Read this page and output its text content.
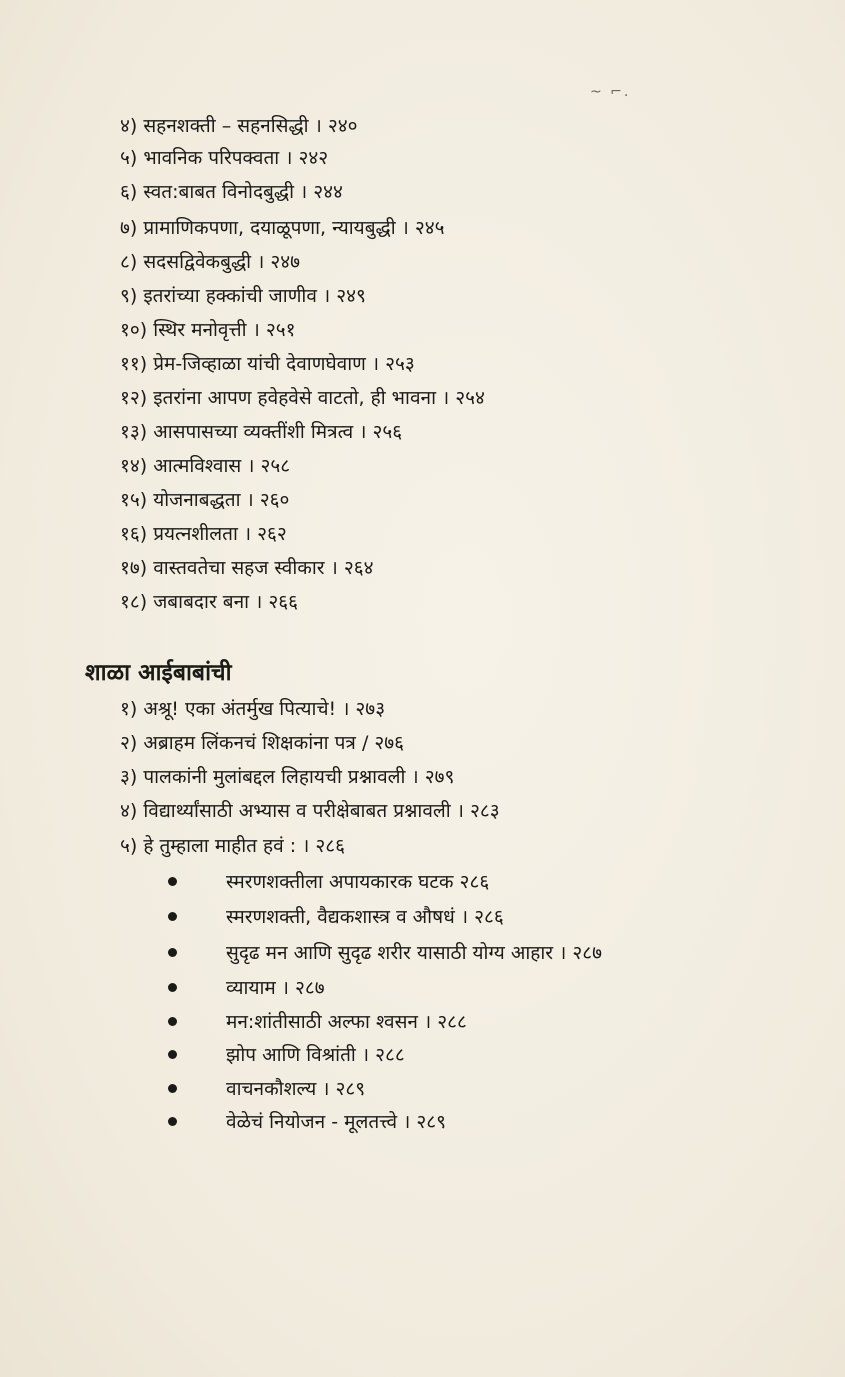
~ ⌐.
४) सहनशक्ती – सहनसिद्धी । २४०
५) भावनिक परिपक्वता । २४२
६) स्वत:बाबत विनोदबुद्धी । २४४
७) प्रामाणिकपणा, दयाळूपणा, न्यायबुद्धी । २४५
८) सदसद्विवेकबुद्धी । २४७
९) इतरांच्या हक्कांची जाणीव । २४९
१०) स्थिर मनोवृत्ती । २५१
११) प्रेम-जिव्हाळा यांची देवाणघेवाण । २५३
१२) इतरांना आपण हवेहवेसे वाटतो, ही भावना । २५४
१३) आसपासच्या व्यक्तींशी मित्रत्व । २५६
१४) आत्मविश्वास । २५८
१५) योजनाबद्धता । २६०
१६) प्रयत्नशीलता । २६२
१७) वास्तवतेचा सहज स्वीकार । २६४
१८) जबाबदार बना । २६६
शाळा आईबाबांची
१) अश्रू! एका अंतर्मुख पित्याचे! । २७३
२) अब्राहम लिंकनचं शिक्षकांना पत्र / २७६
३) पालकांनी मुलांबद्दल लिहायची प्रश्नावली । २७९
४) विद्यार्थ्यांसाठी अभ्यास व परीक्षेबाबत प्रश्नावली । २८३
५) हे तुम्हाला माहीत हवं : । २८६
स्मरणशक्तीला अपायकारक घटक २८६
स्मरणशक्ती, वैद्यकशास्त्र व औषधं । २८६
सुदृढ मन आणि सुदृढ शरीर यासाठी योग्य आहार । २८७
व्यायाम । २८७
मन:शांतीसाठी अल्फा श्वसन । २८८
झोप आणि विश्रांती । २८८
वाचनकौशल्य । २८९
वेळेचं नियोजन - मूलतत्त्वे । २८९
